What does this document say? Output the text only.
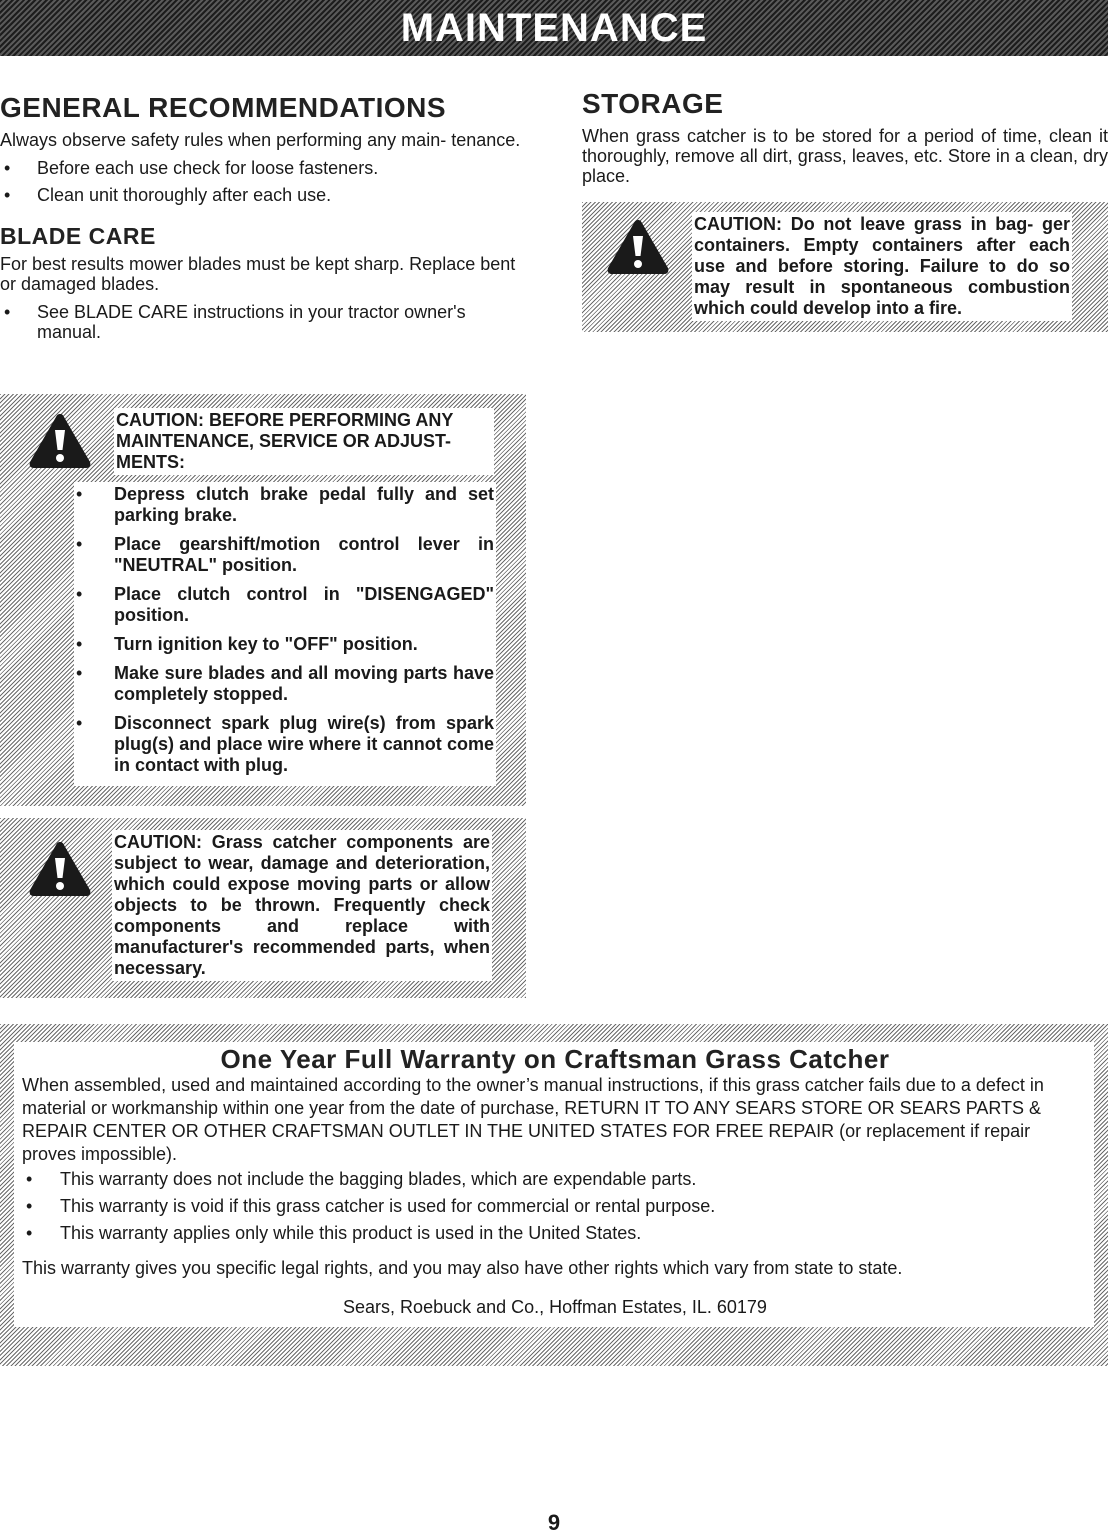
MAINTENANCE
GENERAL RECOMMENDATIONS

Always observe safety rules when performing any main- tenance.

• Before each use check for loose fasteners.
• Clean unit thoroughly after each use.
BLADE CARE

For best results mower blades must be kept sharp. Replace bent or damaged blades.

• See BLADE CARE instructions in your tractor owner's manual.
CAUTION: BEFORE PERFORMING ANY MAINTENANCE, SERVICE OR ADJUST- MENTS:
• Depress clutch brake pedal fully and set parking brake.
• Place gearshift/motion control lever in "NEUTRAL" position.
• Place clutch control in "DISENGAGED" position.
• Turn ignition key to "OFF" position.
• Make sure blades and all moving parts have completely stopped.
• Disconnect spark plug wire(s) from spark plug(s) and place wire where it cannot come in contact with plug.
CAUTION: Grass catcher components are subject to wear, damage and deterioration, which could expose moving parts or allow objects to be thrown. Frequently check components and replace with manufacturer's recommended parts, when necessary.
STORAGE

When grass catcher is to be stored for a period of time, clean it thoroughly, remove all dirt, grass, leaves, etc. Store in a clean, dry place.

CAUTION: Do not leave grass in bag- ger containers. Empty containers after each use and before storing. Failure to do so may result in spontaneous combustion which could develop into a fire.
One Year Full Warranty on Craftsman Grass Catcher

When assembled, used and maintained according to the owner’s manual instructions, if this grass catcher fails due to a defect in material or workmanship within one year from the date of purchase, RETURN IT TO ANY SEARS STORE OR SEARS PARTS & REPAIR CENTER OR OTHER CRAFTSMAN OUTLET IN THE UNITED STATES FOR FREE REPAIR (or replacement if repair proves impossible).

• This warranty does not include the bagging blades, which are expendable parts.
• This warranty is void if this grass catcher is used for commercial or rental purpose.
• This warranty applies only while this product is used in the United States.

This warranty gives you specific legal rights, and you may also have other rights which vary from state to state.

Sears, Roebuck and Co., Hoffman Estates, IL. 60179

9
